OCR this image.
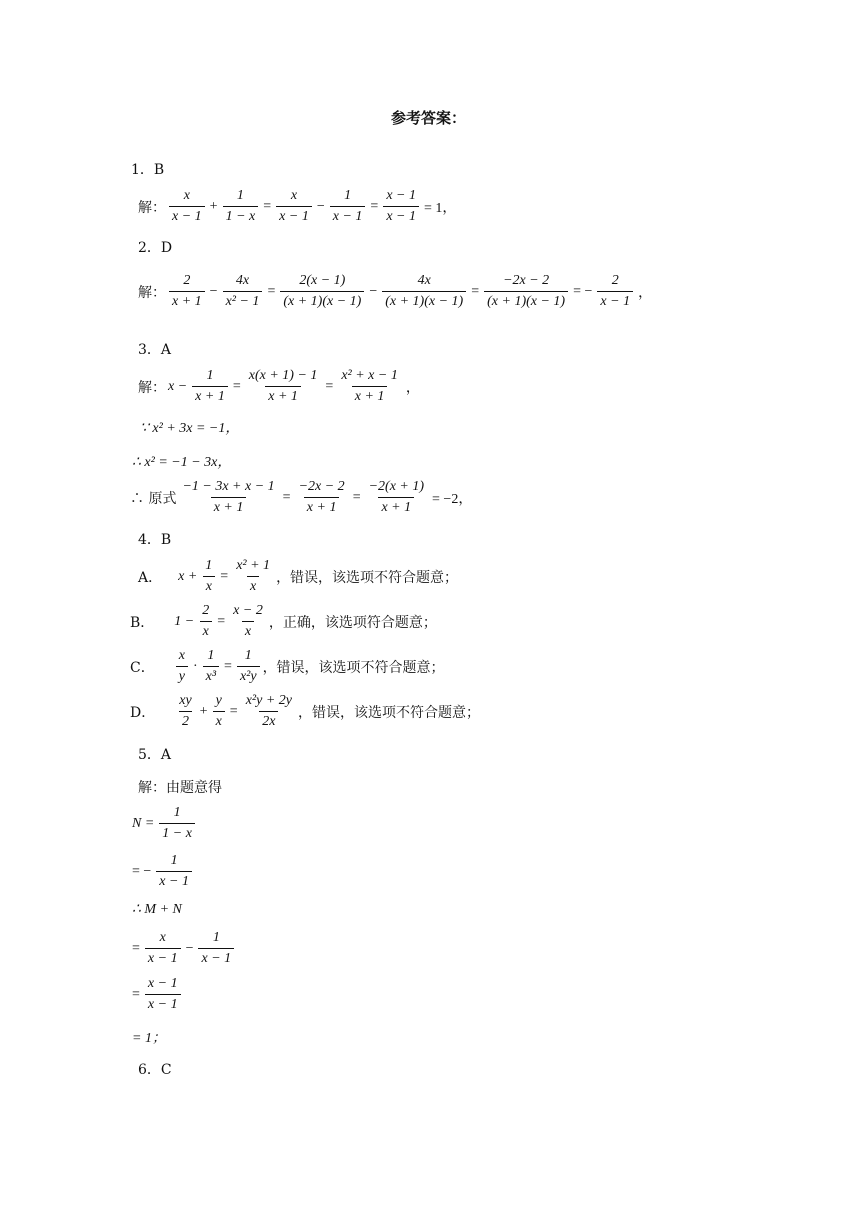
参考答案：
1．B
解： $\frac{x}{x - 1} + \frac{1}{1 - x} = \frac{x}{x - 1} - \frac{1}{x - 1} = \frac{x - 1}{x - 1} = 1$，
2．D
解： $\frac{2}{x + 1} - \frac{4x}{\text{x² − 1}} = \frac{2(x - 1)}{(x + 1)(x - 1)} - \frac{4x}{(x + 1)(x - 1)} = \frac{-2x - 2}{(x + 1)(x - 1)}$ = − $\frac{2}{x - 1}$ ，
3．A
解： $x - \frac{1}{x + 1} = \frac{x(x + 1) - 1}{x + 1} = \frac{\text{x² + x − 1}}{x + 1}$ ，
∵ x² + 3x = −1，
∴ x² = −1 − 3x，
∴ 原式 $\frac{-1 - 3x + x - 1}{x + 1} = \frac{-2x - 2}{x + 1} = \frac{-2(x + 1)}{x + 1} = -2$，
4．B
A． $x + \frac{1}{x} = \frac{\text{x² + 1}}{x}$ ，错误，该选项不符合题意；
B． $1 - \frac{2}{x} = \frac{x - 2}{x}$ ，正确，该选项符合题意；
C． $\frac{x}{y} \cdot \frac{1}{\text{x³}} = \frac{1}{\text{x²y}}$ ，错误，该选项不符合题意；
D． $\frac{xy}{2} + \frac{y}{x} = \frac{\text{x²y + 2y}}{2x}$ ，错误，该选项不符合题意；
5．A
解：由题意得
$N = \frac{1}{1 - x}$
= − $\frac{1}{x - 1}$
∴ M + N
= $\frac{x}{x - 1} - \frac{1}{x - 1}$
= $\frac{x - 1}{x - 1}$
= 1；
6．C
